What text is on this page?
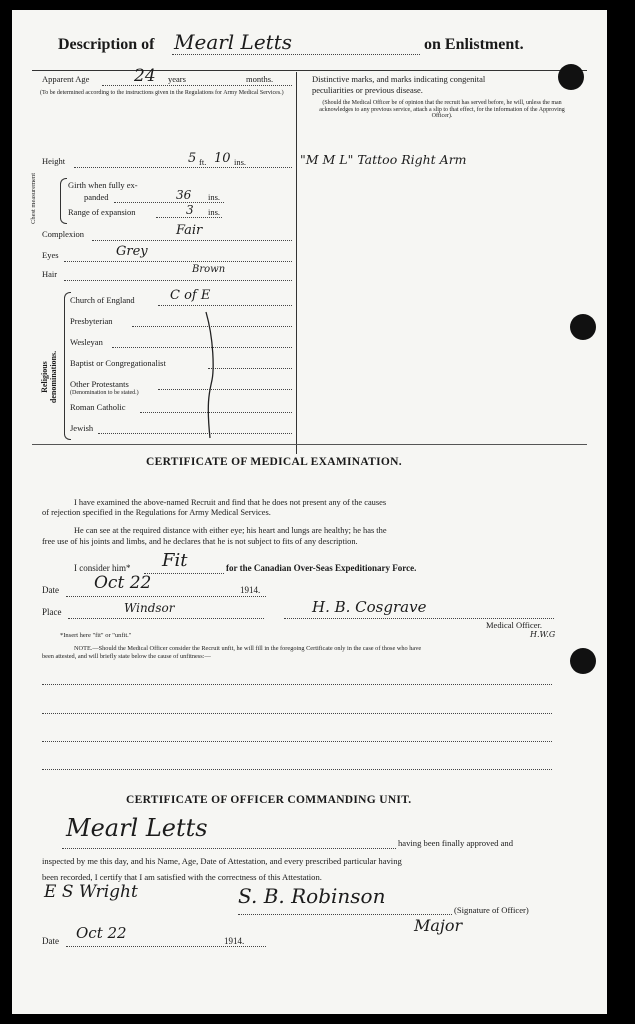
Description of Mearl Letts	on Enlistment.
Apparent Age	24 years	months.
(To be determined according to the instructions given in the Regulations for Army Medical Services.)
Height	5 ft. 10 ins.
Chest measurement	Girth when fully ex-
panded	36 ins.
Range of expansion	3 ins.
Complexion	Fair
Eyes	Grey
Hair	Brown
Religious denominations.
Church of England	C of E
Presbyterian
Wesleyan
Baptist or Congregationalist
Other Protestants
(Denomination to be stated.)
Roman Catholic
Jewish
Distinctive marks, and marks indicating congenital
peculiarities or previous disease.
(Should the Medical Officer be of opinion that the recruit has served before, he will, unless the man acknowledges to any previous service, attach a slip to that effect, for the information of the Approving Officer).
"M M L" Tattoo Right Arm
CERTIFICATE OF MEDICAL EXAMINATION.
I have examined the above-named Recruit and find that he does not present any of the causes
of rejection specified in the Regulations for Army Medical Services.
He can see at the required distance with either eye; his heart and lungs are healthy; he has the
free use of his joints and limbs, and he declares that he is not subject to fits of any description.
I consider him* Fit	for the Canadian Over-Seas Expeditionary Force.
Date Oct 22	1914.
Place	Windsor	H. B. Cosgrave
Medical Officer.
H.W.G
*Insert here "fit" or "unfit."
NOTE.—Should the Medical Officer consider the Recruit unfit, he will fill in the foregoing Certificate only in the case of those who have
been attested, and will briefly state below the cause of unfitness:—
CERTIFICATE OF OFFICER COMMANDING UNIT.
Mearl Letts
having been finally approved and
inspected by me this day, and his Name, Age, Date of Attestation, and every prescribed particular having
been recorded, I certify that I am satisfied with the correctness of this Attestation.
E S Wright	S. B. Robinson
(Signature of Officer)
Major
Date Oct 22	1914.
